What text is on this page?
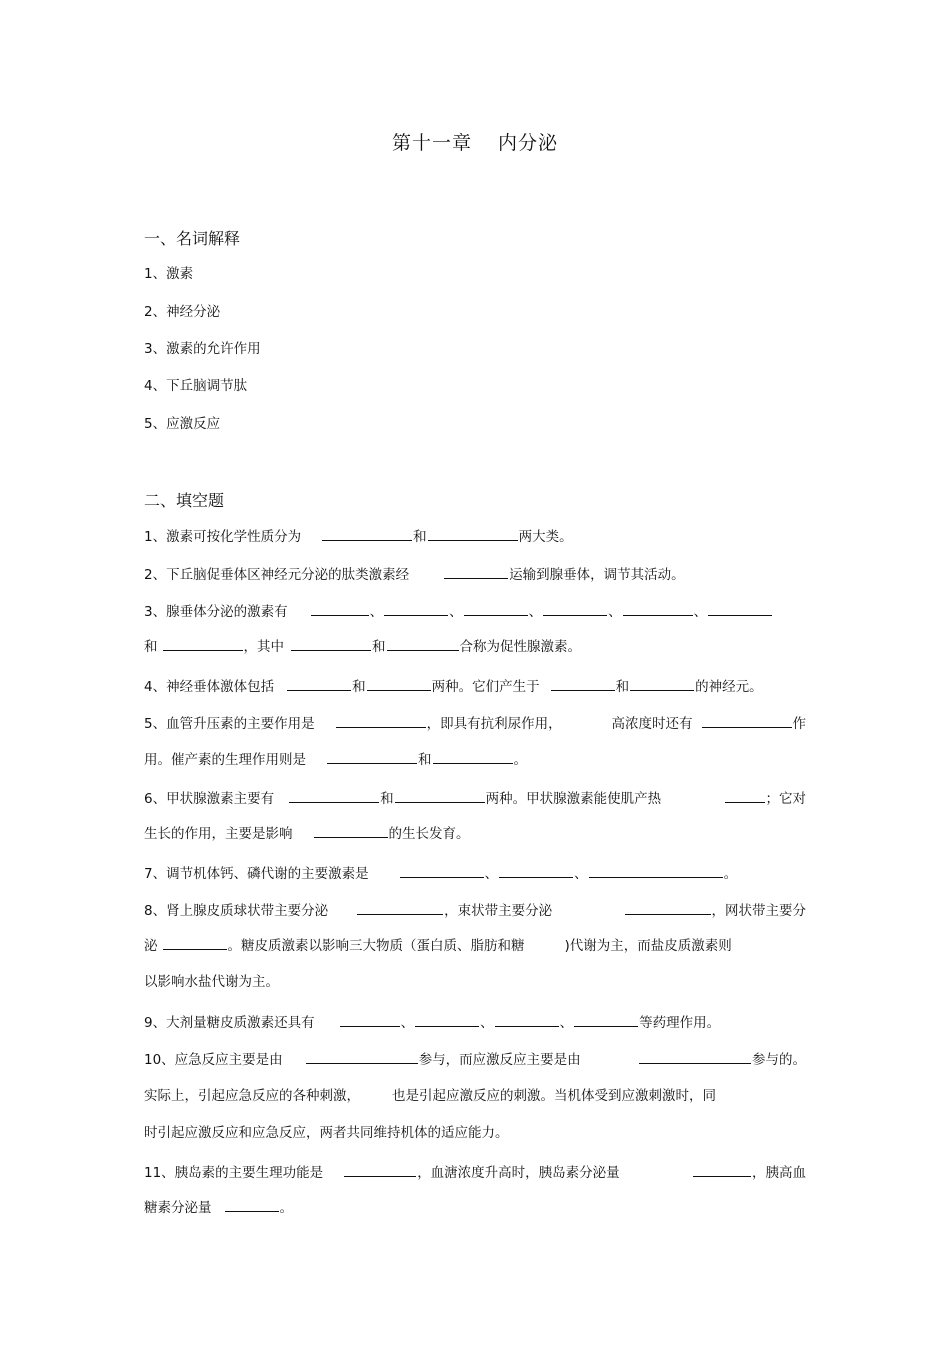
第十一章 内分泌
一、名词解释
1、激素
2、神经分泌
3、激素的允许作用
4、下丘脑调节肽
5、应激反应
二、填空题
1、激素可按化学性质分为	和	两大类。
2、下丘脑促垂体区神经元分泌的肽类激素经	运输到腺垂体，调节其活动。
3、腺垂体分泌的激素有	、	、	、	、	、
和	，其中	和	合称为促性腺激素。
4、神经垂体激体包括	和	两种。它们产生于	和	的神经元。
5、血管升压素的主要作用是	，即具有抗利尿作用，	高浓度时还有	作
用。催产素的生理作用则是	和	。
6、甲状腺激素主要有	和	两种。甲状腺激素能使肌产热	；它对
生长的作用，主要是影响	的生长发育。
7、调节机体钙、磷代谢的主要激素是	、	、	。
8、肾上腺皮质球状带主要分泌	，束状带主要分泌	，网状带主要分
泌	。糖皮质激素以影响三大物质（蛋白质、脂肪和糖	)代谢为主，而盐皮质激素则
以影响水盐代谢为主。
9、大剂量糖皮质激素还具有	、	、	、	等药理作用。
10、应急反应主要是由	参与，而应激反应主要是由	参与的。
实际上，引起应急反应的各种刺激， 也是引起应激反应的刺激。当机体受到应激刺激时，同
时引起应激反应和应急反应，两者共同维持机体的适应能力。
11、胰岛素的主要生理功能是	，血溏浓度升高时，胰岛素分泌量	，胰高血
糖素分泌量	。
